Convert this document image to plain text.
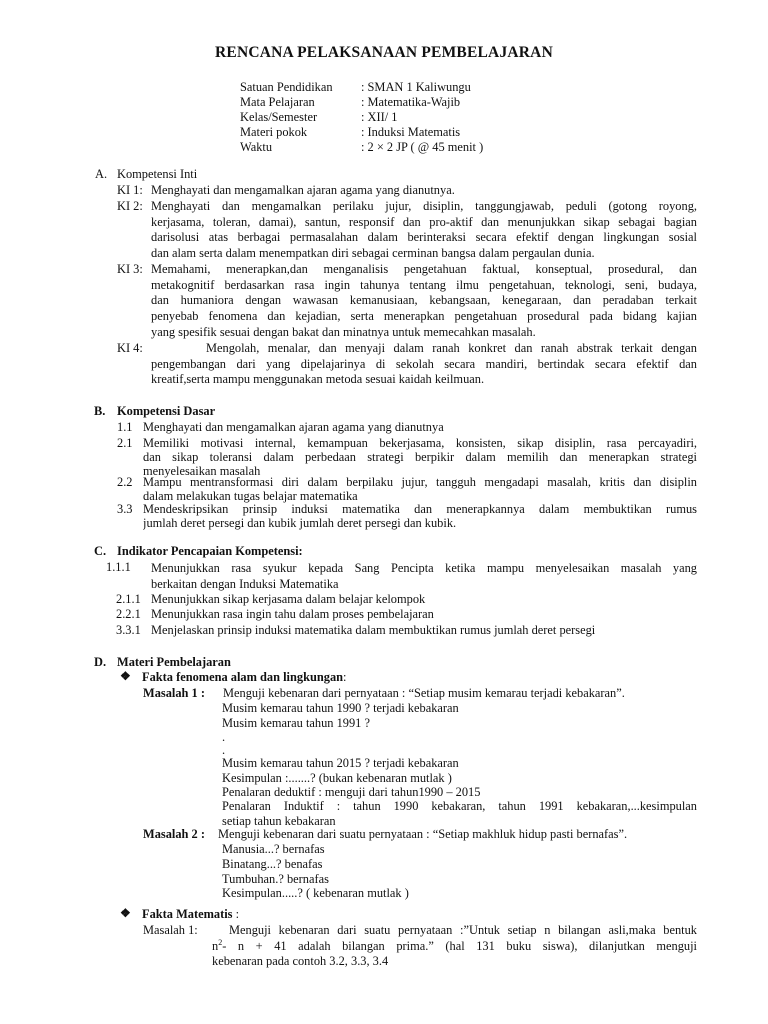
RENCANA PELAKSANAAN PEMBELAJARAN
Satuan Pendidikan : SMAN 1 Kaliwungu
Mata Pelajaran	: Matematika-Wajib
Kelas/Semester	: XII/ 1
Materi pokok	: Induksi Matematis
Waktu	: 2 × 2 JP ( @ 45 menit )
A. Kompetensi Inti
KI 1: Menghayati dan mengamalkan ajaran agama yang dianutnya.
KI 2: Menghayati dan mengamalkan perilaku jujur, disiplin, tanggungjawab, peduli (gotong royong,
kerjasama, toleran, damai), santun, responsif dan pro-aktif dan menunjukkan sikap sebagai bagian
darisolusi atas berbagai permasalahan dalam berinteraksi secara efektif dengan lingkungan sosial
dan alam serta dalam menempatkan diri sebagai cerminan bangsa dalam pergaulan dunia.
KI 3: Memahami, menerapkan,dan menganalisis pengetahuan faktual, konseptual, prosedural, dan
metakognitif berdasarkan rasa ingin tahunya tentang ilmu pengetahuan, teknologi, seni, budaya,
dan humaniora dengan wawasan kemanusiaan, kebangsaan, kenegaraan, dan peradaban terkait
penyebab fenomena dan kejadian, serta menerapkan pengetahuan prosedural pada bidang kajian
yang spesifik sesuai dengan bakat dan minatnya untuk memecahkan masalah.
KI 4:	Mengolah, menalar, dan menyaji dalam ranah konkret dan ranah abstrak terkait dengan
pengembangan dari yang dipelajarinya di sekolah secara mandiri, bertindak secara efektif dan
kreatif,serta mampu menggunakan metoda sesuai kaidah keilmuan.
B. Kompetensi Dasar
1.1 Menghayati dan mengamalkan ajaran agama yang dianutnya
2.1 Memiliki motivasi internal, kemampuan bekerjasama, konsisten, sikap disiplin, rasa percayadiri,
dan sikap toleransi dalam perbedaan strategi berpikir dalam memilih dan menerapkan strategi
menyelesaikan masalah
2.2 Mampu mentransformasi diri dalam berpilaku jujur, tangguh mengadapi masalah, kritis dan disiplin
dalam melakukan tugas belajar matematika
3.3 Mendeskripsikan prinsip induksi matematika dan menerapkannya dalam membuktikan rumus
jumlah deret persegi dan kubik jumlah deret persegi dan kubik.
C. Indikator Pencapaian Kompetensi:
1.1.1 Menunjukkan rasa syukur kepada Sang Pencipta ketika mampu menyelesaikan masalah yang
berkaitan dengan Induksi Matematika
2.1.1 Menunjukkan sikap kerjasama dalam belajar kelompok
2.2.1 Menunjukkan rasa ingin tahu dalam proses pembelajaran
3.3.1 Menjelaskan prinsip induksi matematika dalam membuktikan rumus jumlah deret persegi
D. Materi Pembelajaran
❖ Fakta fenomena alam dan lingkungan:
Masalah 1 : Menguji kebenaran dari pernyataan : “Setiap musim kemarau terjadi kebakaran”.
Musim kemarau tahun 1990 ? terjadi kebakaran
Musim kemarau tahun 1991 ?
.
.
Musim kemarau tahun 2015 ? terjadi kebakaran
Kesimpulan :.......? (bukan kebenaran mutlak )
Penalaran deduktif : menguji dari tahun1990 – 2015
Penalaran Induktif : tahun 1990 kebakaran, tahun 1991 kebakaran,...kesimpulan
setiap tahun kebakaran
Masalah 2 : Menguji kebenaran dari suatu pernyataan : “Setiap makhluk hidup pasti bernafas”.
Manusia...? bernafas
Binatang...? benafas
Tumbuhan.? bernafas
Kesimpulan.....? ( kebenaran mutlak )
❖ Fakta Matematis :
Masalah 1:	Menguji kebenaran dari suatu pernyataan :”Untuk setiap n bilangan asli,maka bentuk
$n^2-$ n + 41 adalah bilangan prima.” (hal 131 buku siswa), dilanjutkan menguji
kebenaran pada contoh 3.2, 3.3, 3.4
